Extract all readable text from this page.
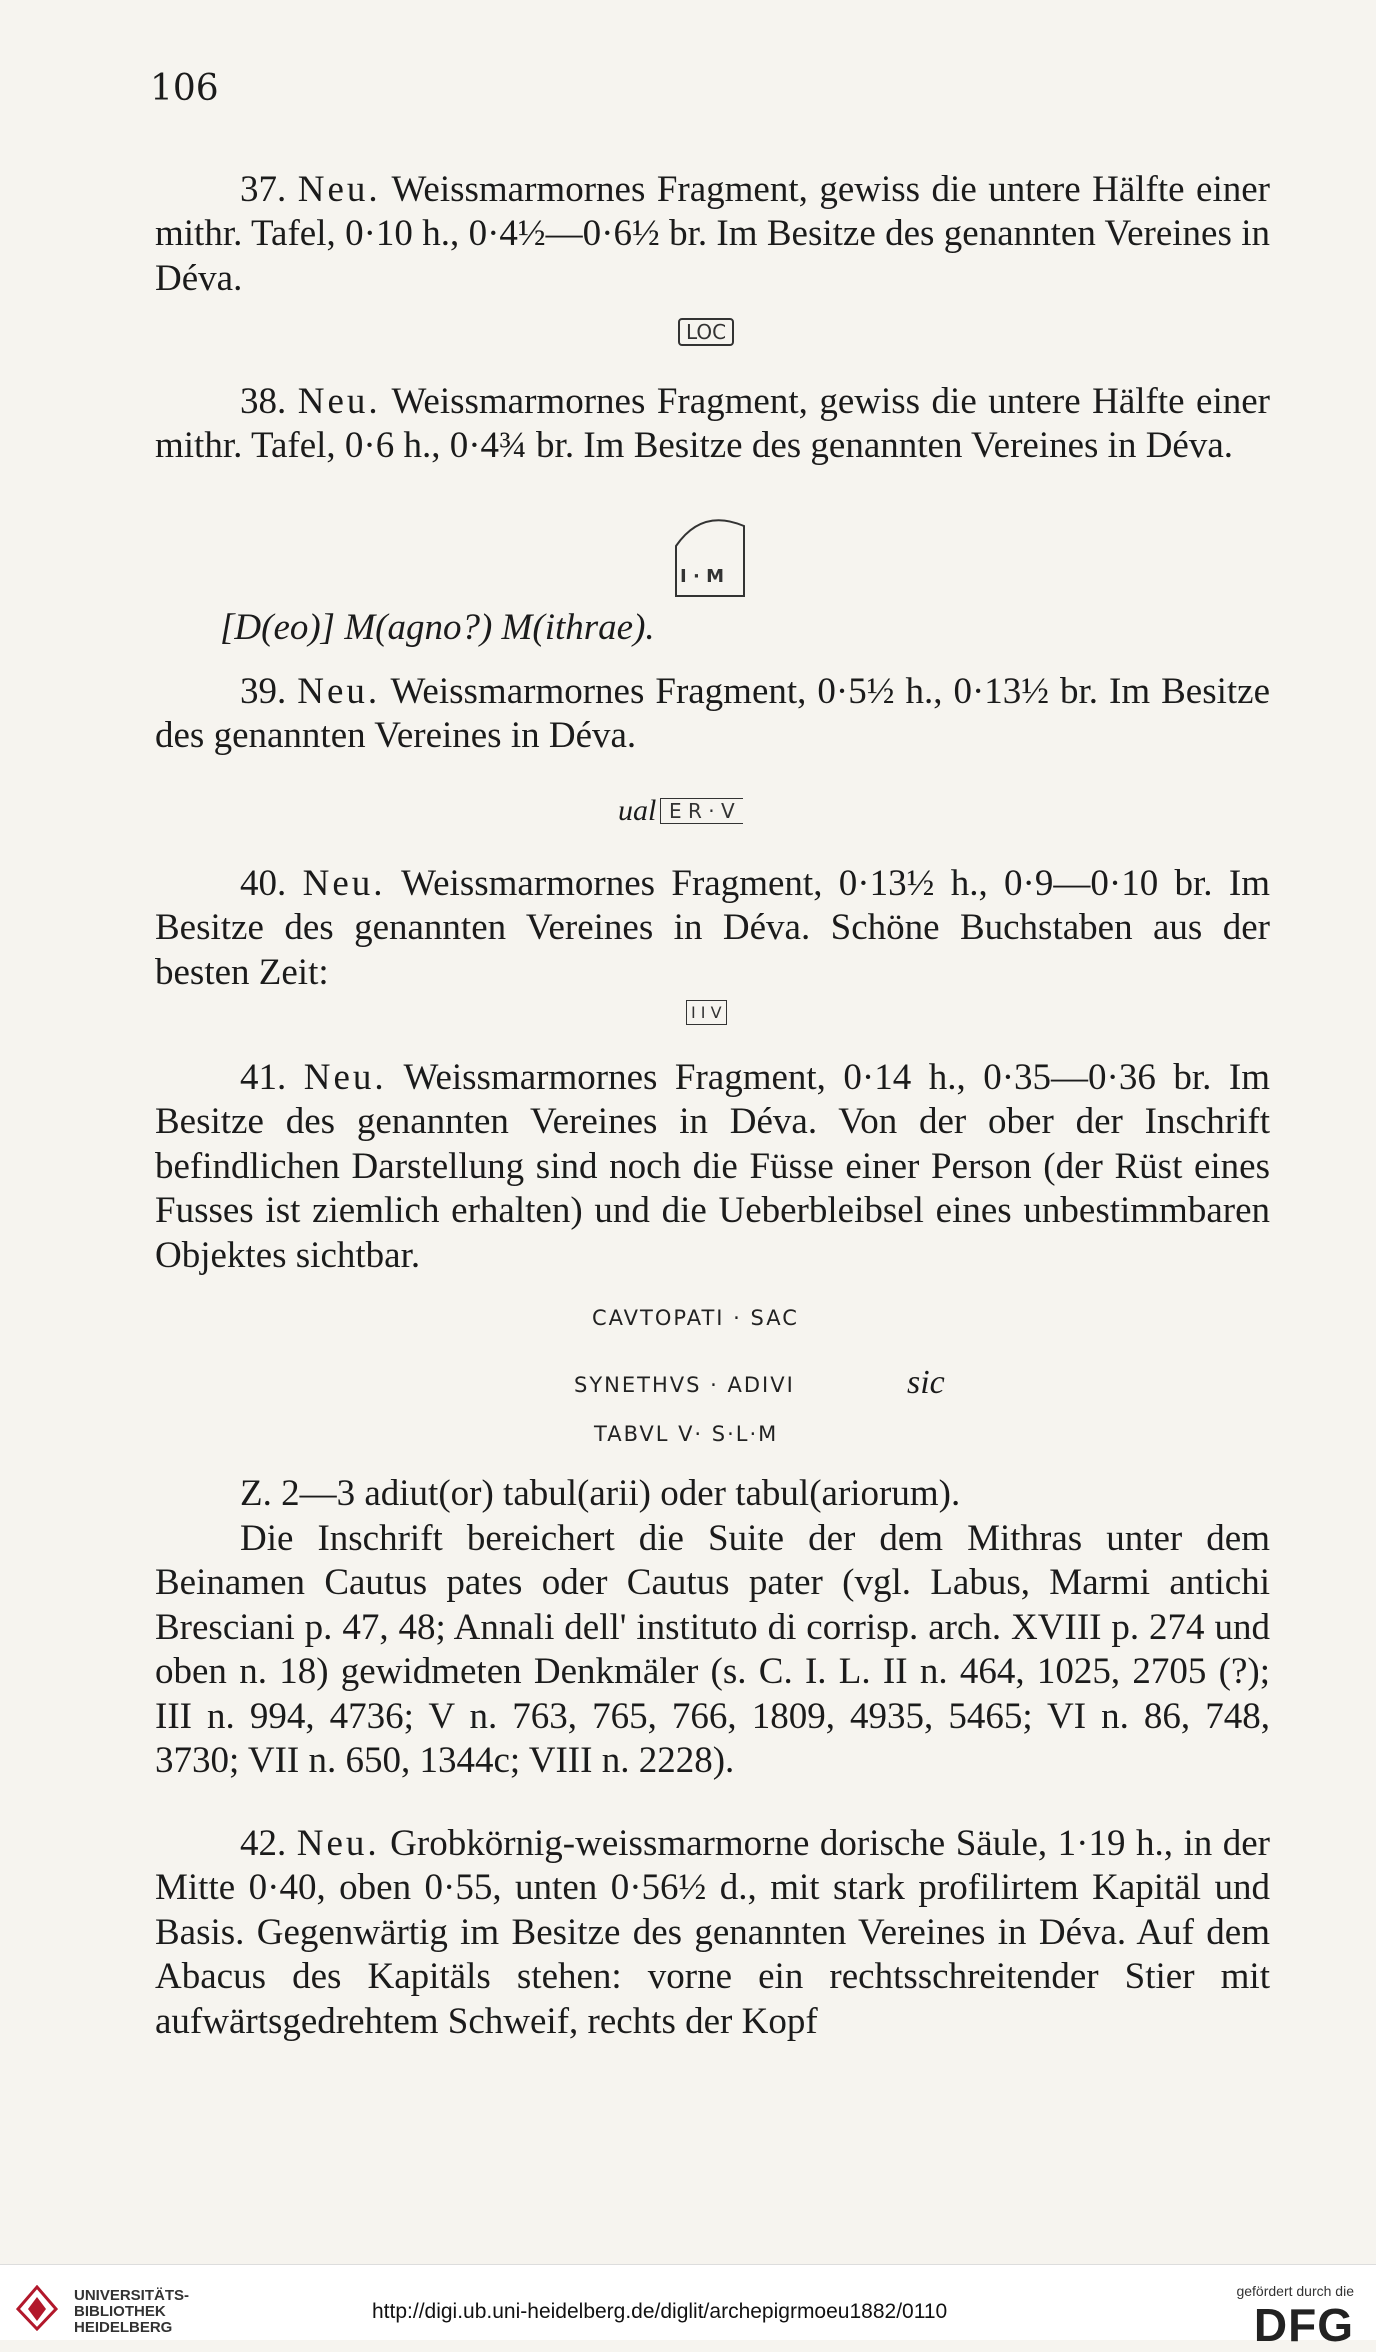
106

37. Neu. Weissmarmornes Fragment, gewiss die untere Hälfte einer mithr. Tafel, 0·10 h., 0·4½—0·6½ br. Im Besitze des genannten Vereines in Déva.

LOC

38. Neu. Weissmarmornes Fragment, gewiss die untere Hälfte einer mithr. Tafel, 0·6 h., 0·4¾ br. Im Besitze des genannten Vereines in Déva.

I · M

[D(eo)] M(agno?) M(ithrae).

39. Neu. Weissmarmornes Fragment, 0·5½ h., 0·13½ br. Im Besitze des genannten Vereines in Déva.

ual E R · V

40. Neu. Weissmarmornes Fragment, 0·13½ h., 0·9—0·10 br. Im Besitze des genannten Vereines in Déva. Schöne Buchstaben aus der besten Zeit:

I I V

41. Neu. Weissmarmornes Fragment, 0·14 h., 0·35—0·36 br. Im Besitze des genannten Vereines in Déva. Von der ober der Inschrift befindlichen Darstellung sind noch die Füsse einer Person (der Rüst eines Fusses ist ziemlich erhalten) und die Ueberbleibsel eines unbestimmbaren Objektes sichtbar.

CAVTOPATI · SAC
SYNETHVS · ADIVI	sic
TABVL V· S·L·M

Z. 2—3 adiut(or) tabul(arii) oder tabul(ariorum).

Die Inschrift bereichert die Suite der dem Mithras unter dem Beinamen Cautus pates oder Cautus pater (vgl. Labus, Marmi antichi Bresciani p. 47, 48; Annali dell' instituto di corrisp. arch. XVIII p. 274 und oben n. 18) gewidmeten Denkmäler (s. C. I. L. II n. 464, 1025, 2705 (?); III n. 994, 4736; V n. 763, 765, 766, 1809, 4935, 5465; VI n. 86, 748, 3730; VII n. 650, 1344c; VIII n. 2228).

42. Neu. Grobkörnig-weissmarmorne dorische Säule, 1·19 h., in der Mitte 0·40, oben 0·55, unten 0·56½ d., mit stark profilirtem Kapitäl und Basis. Gegenwärtig im Besitze des genannten Vereines in Déva. Auf dem Abacus des Kapitäls stehen: vorne ein rechtsschreitender Stier mit aufwärtsgedrehtem Schweif, rechts der Kopf

UNIVERSITÄTS-
BIBLIOTHEK
HEIDELBERG
http://digi.ub.uni-heidelberg.de/diglit/archepigrmoeu1882/0110
gefördert durch die
DFG
